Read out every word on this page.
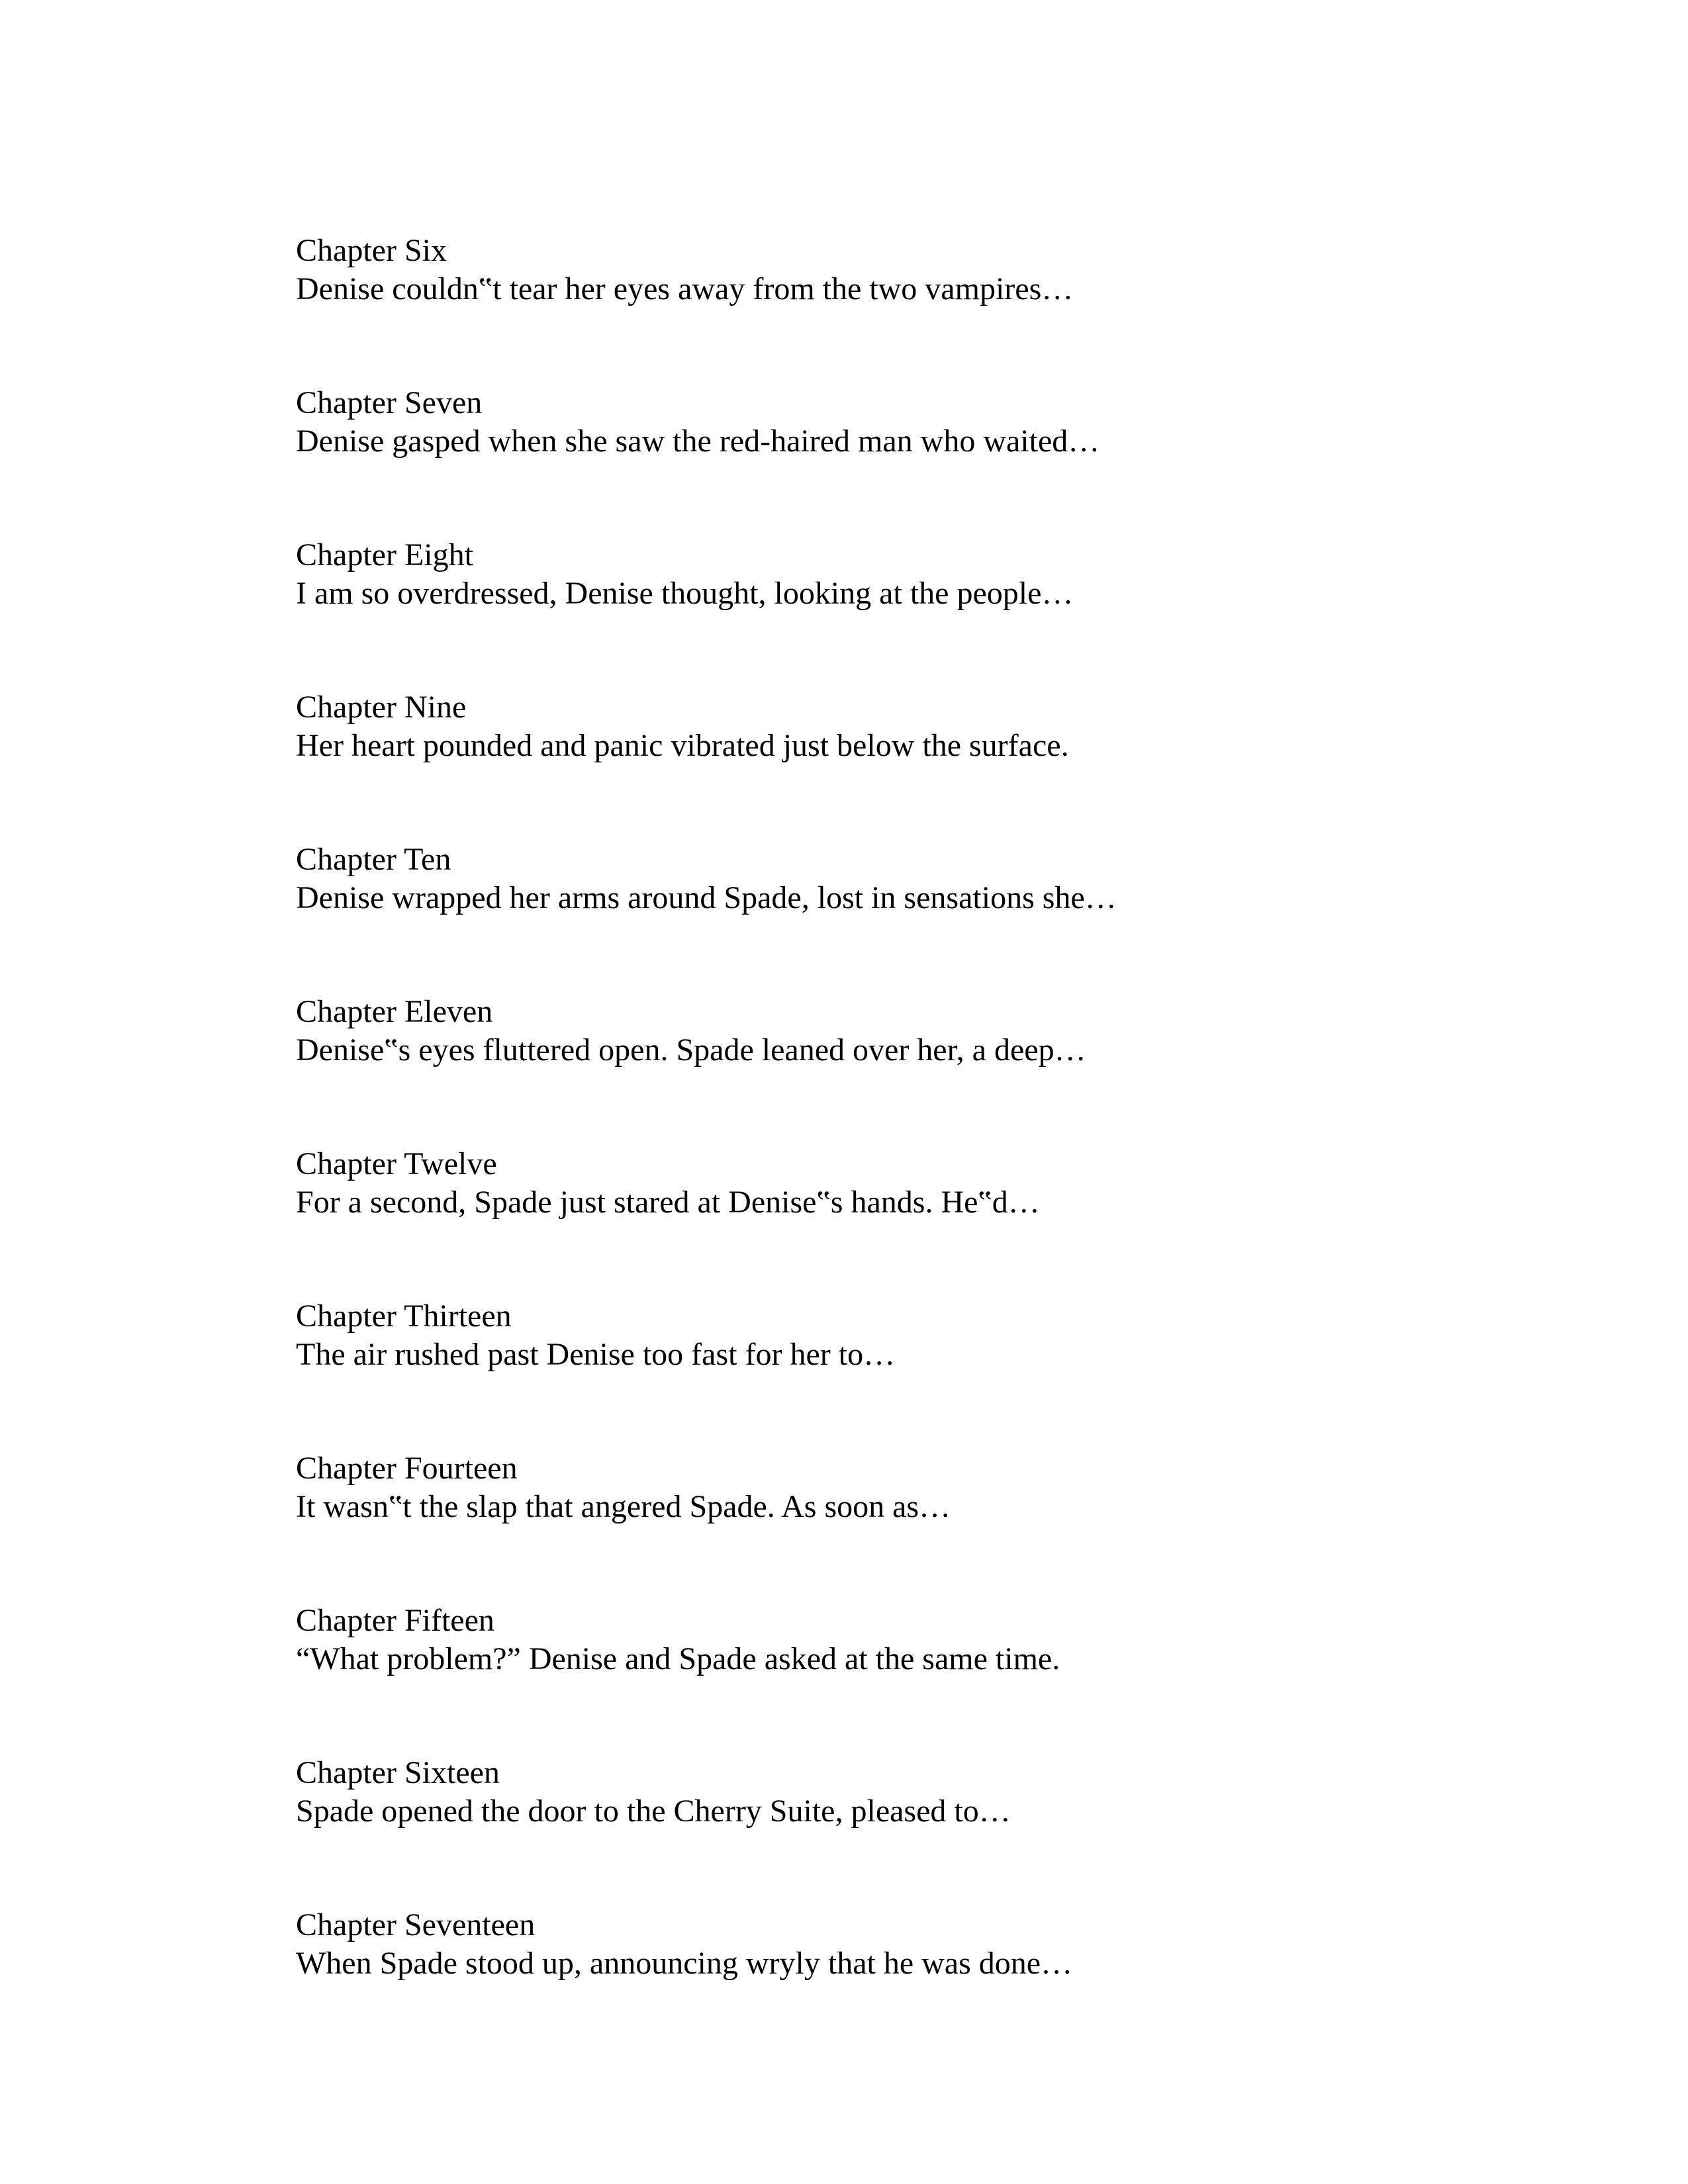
Chapter Six
Denise couldn‟t tear her eyes away from the two vampires…
Chapter Seven
Denise gasped when she saw the red-haired man who waited…
Chapter Eight
I am so overdressed, Denise thought, looking at the people…
Chapter Nine
Her heart pounded and panic vibrated just below the surface.
Chapter Ten
Denise wrapped her arms around Spade, lost in sensations she…
Chapter Eleven
Denise‟s eyes fluttered open. Spade leaned over her, a deep…
Chapter Twelve
For a second, Spade just stared at Denise‟s hands. He‟d…
Chapter Thirteen
The air rushed past Denise too fast for her to…
Chapter Fourteen
It wasn‟t the slap that angered Spade. As soon as…
Chapter Fifteen
“What problem?” Denise and Spade asked at the same time.
Chapter Sixteen
Spade opened the door to the Cherry Suite, pleased to…
Chapter Seventeen
When Spade stood up, announcing wryly that he was done…
